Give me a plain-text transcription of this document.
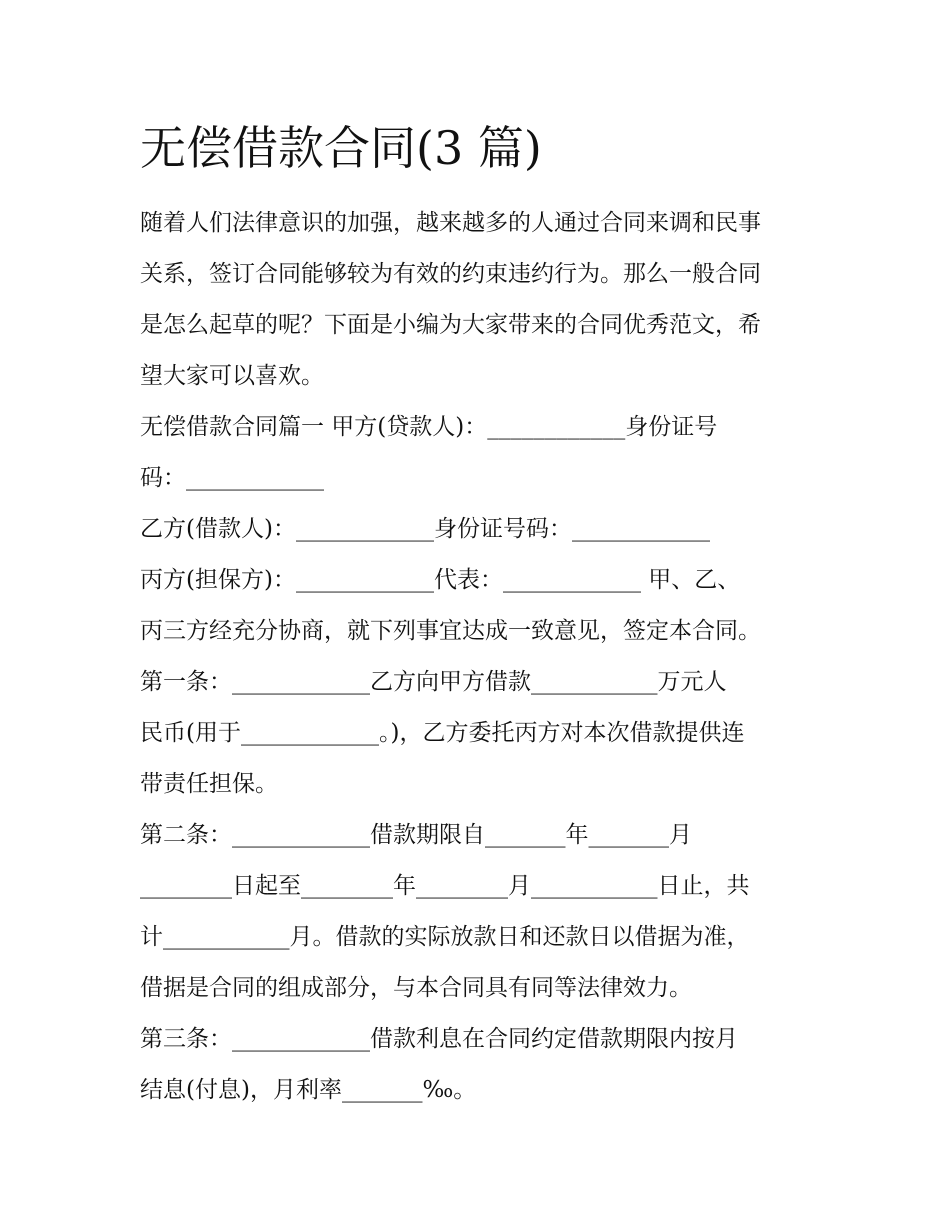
无偿借款合同(3 篇)
随着人们法律意识的加强，越来越多的人通过合同来调和民事
关系，签订合同能够较为有效的约束违约行为。那么一般合同
是怎么起草的呢？下面是小编为大家带来的合同优秀范文，希
望大家可以喜欢。
无偿借款合同篇一 甲方(贷款人)：____________身份证号
码：____________
乙方(借款人)：____________身份证号码：____________
丙方(担保方)：____________代表：____________ 甲、乙、
丙三方经充分协商，就下列事宜达成一致意见，签定本合同。
第一条：____________乙方向甲方借款___________万元人
民币(用于____________。)，乙方委托丙方对本次借款提供连
带责任担保。
第二条：____________借款期限自_______年_______月
________日起至________年________月___________日止，共
计___________月。借款的实际放款日和还款日以借据为准，
借据是合同的组成部分，与本合同具有同等法律效力。
第三条：____________借款利息在合同约定借款期限内按月
结息(付息)，月利率_______‰。
